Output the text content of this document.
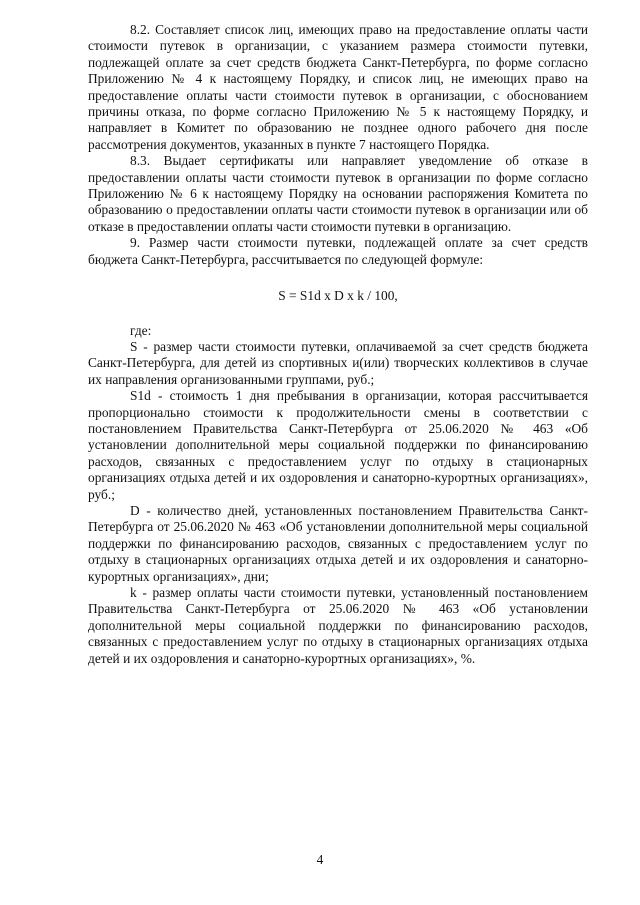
8.2. Составляет список лиц, имеющих право на предоставление оплаты части стоимости путевок в организации, с указанием размера стоимости путевки, подлежащей оплате за счет средств бюджета Санкт-Петербурга, по форме согласно Приложению № 4 к настоящему Порядку, и список лиц, не имеющих право на предоставление оплаты части стоимости путевок в организации, с обоснованием причины отказа, по форме согласно Приложению № 5 к настоящему Порядку, и направляет в Комитет по образованию не позднее одного рабочего дня после рассмотрения документов, указанных в пункте 7 настоящего Порядка.

8.3. Выдает сертификаты или направляет уведомление об отказе в предоставлении оплаты части стоимости путевок в организации по форме согласно Приложению № 6 к настоящему Порядку на основании распоряжения Комитета по образованию о предоставлении оплаты части стоимости путевок в организации или об отказе в предоставлении оплаты части стоимости путевки в организацию.

9. Размер части стоимости путевки, подлежащей оплате за счет средств бюджета Санкт-Петербурга, рассчитывается по следующей формуле:

S = S1d x D x k / 100,

где:

S - размер части стоимости путевки, оплачиваемой за счет средств бюджета Санкт-Петербурга, для детей из спортивных и(или) творческих коллективов в случае их направления организованными группами, руб.;

S1d - стоимость 1 дня пребывания в организации, которая рассчитывается пропорционально стоимости к продолжительности смены в соответствии с постановлением Правительства Санкт-Петербурга от 25.06.2020 № 463 «Об установлении дополнительной меры социальной поддержки по финансированию расходов, связанных с предоставлением услуг по отдыху в стационарных организациях отдыха детей и их оздоровления и санаторно-курортных организациях», руб.;

D - количество дней, установленных постановлением Правительства Санкт-Петербурга от 25.06.2020 № 463 «Об установлении дополнительной меры социальной поддержки по финансированию расходов, связанных с предоставлением услуг по отдыху в стационарных организациях отдыха детей и их оздоровления и санаторно-курортных организациях», дни;

k - размер оплаты части стоимости путевки, установленный постановлением Правительства Санкт-Петербурга от 25.06.2020 № 463 «Об установлении дополнительной меры социальной поддержки по финансированию расходов, связанных с предоставлением услуг по отдыху в стационарных организациях отдыха детей и их оздоровления и санаторно-курортных организациях», %.

4
